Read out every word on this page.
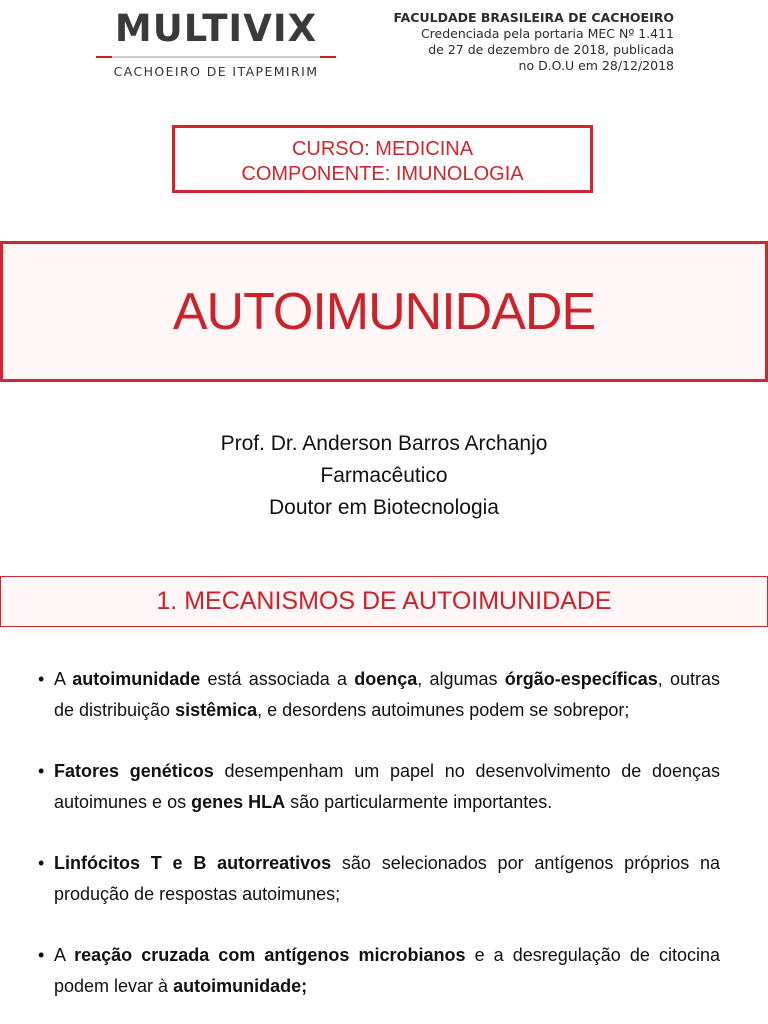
MULTIVIX
CACHOEIRO DE ITAPEMIRIM
FACULDADE BRASILEIRA DE CACHOEIRO
Credenciada pela portaria MEC Nº 1.411
de 27 de dezembro de 2018, publicada
no D.O.U em 28/12/2018
CURSO: MEDICINA
COMPONENTE: IMUNOLOGIA
AUTOIMUNIDADE
Prof. Dr. Anderson Barros Archanjo
Farmacêutico
Doutor em Biotecnologia
1. MECANISMOS DE AUTOIMUNIDADE
• A autoimunidade está associada a doença, algumas órgão-específicas, outras de distribuição sistêmica, e desordens autoimunes podem se sobrepor;
• Fatores genéticos desempenham um papel no desenvolvimento de doenças autoimunes e os genes HLA são particularmente importantes.
• Linfócitos T e B autorreativos são selecionados por antígenos próprios na produção de respostas autoimunes;
• A reação cruzada com antígenos microbianos e a desregulação de citocina podem levar à autoimunidade;
